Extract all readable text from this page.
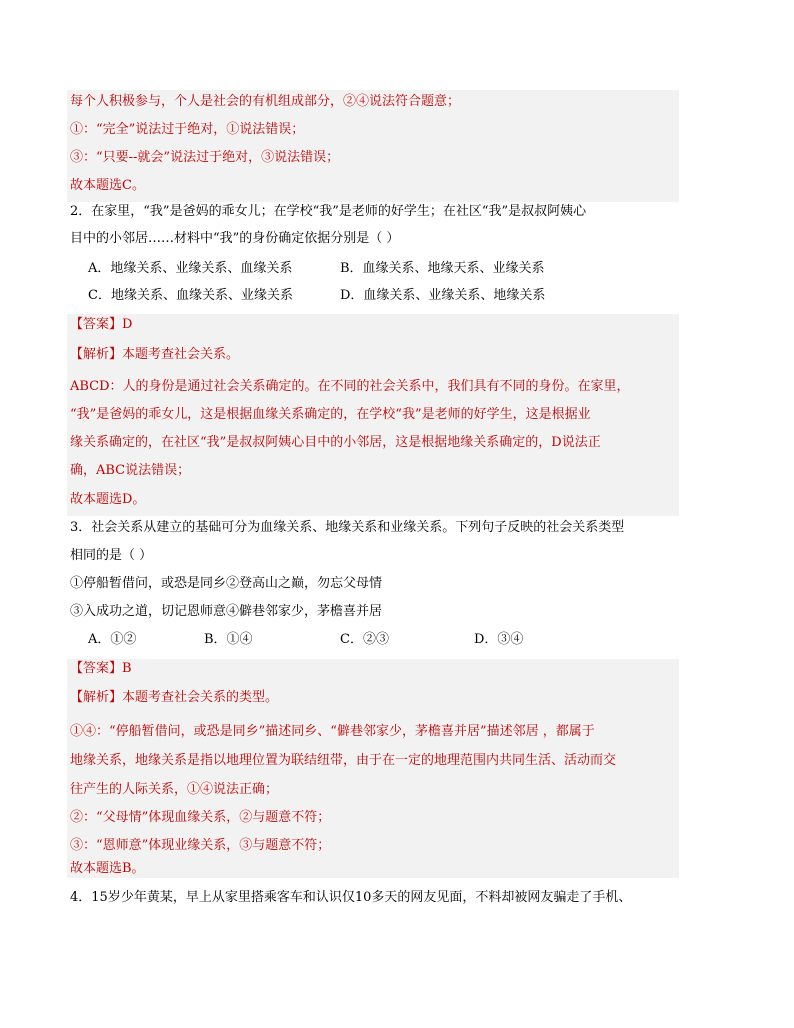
每个人积极参与，个人是社会的有机组成部分，②④说法符合题意；
①：“完全”说法过于绝对，①说法错误；
③：“只要--就会”说法过于绝对，③说法错误；
故本题选C。
2．在家里，“我”是爸妈的乖女儿；在学校“我”是老师的好学生；在社区“我”是叔叔阿姨心
目中的小邻居……材料中“我”的身份确定依据分别是（ ）
A．地缘关系、业缘关系、血缘关系	B．血缘关系、地缘天系、业缘关系
C．地缘关系、血缘关系、业缘关系	D．血缘关系、业缘关系、地缘关系
【答案】D
【解析】本题考查社会关系。
ABCD：人的身份是通过社会关系确定的。在不同的社会关系中，我们具有不同的身份。在家里，
“我”是爸妈的乖女儿，这是根据血缘关系确定的，在学校“我”是老师的好学生，这是根据业
缘关系确定的，在社区“我”是叔叔阿姨心目中的小邻居，这是根据地缘关系确定的，D说法正
确，ABC说法错误；
故本题选D。
3．社会关系从建立的基础可分为血缘关系、地缘关系和业缘关系。下列句子反映的社会关系类型
相同的是（ ）
①停船暂借问，或恐是同乡②登高山之巅，勿忘父母情
③入成功之道，切记恩师意④僻巷邻家少，茅檐喜并居
A．①②	B．①④	C．②③	D．③④
【答案】B
【解析】本题考查社会关系的类型。
①④：“停船暂借问，或恐是同乡”描述同乡、“僻巷邻家少，茅檐喜并居”描述邻居 ，都属于
地缘关系，地缘关系是指以地理位置为联结纽带，由于在一定的地理范围内共同生活、活动而交
往产生的人际关系，①④说法正确；
②：“父母情”体现血缘关系，②与题意不符；
③：“恩师意”体现业缘关系，③与题意不符；
故本题选B。
4．15岁少年黄某，早上从家里搭乘客车和认识仅10多天的网友见面，不料却被网友骗走了手机、
